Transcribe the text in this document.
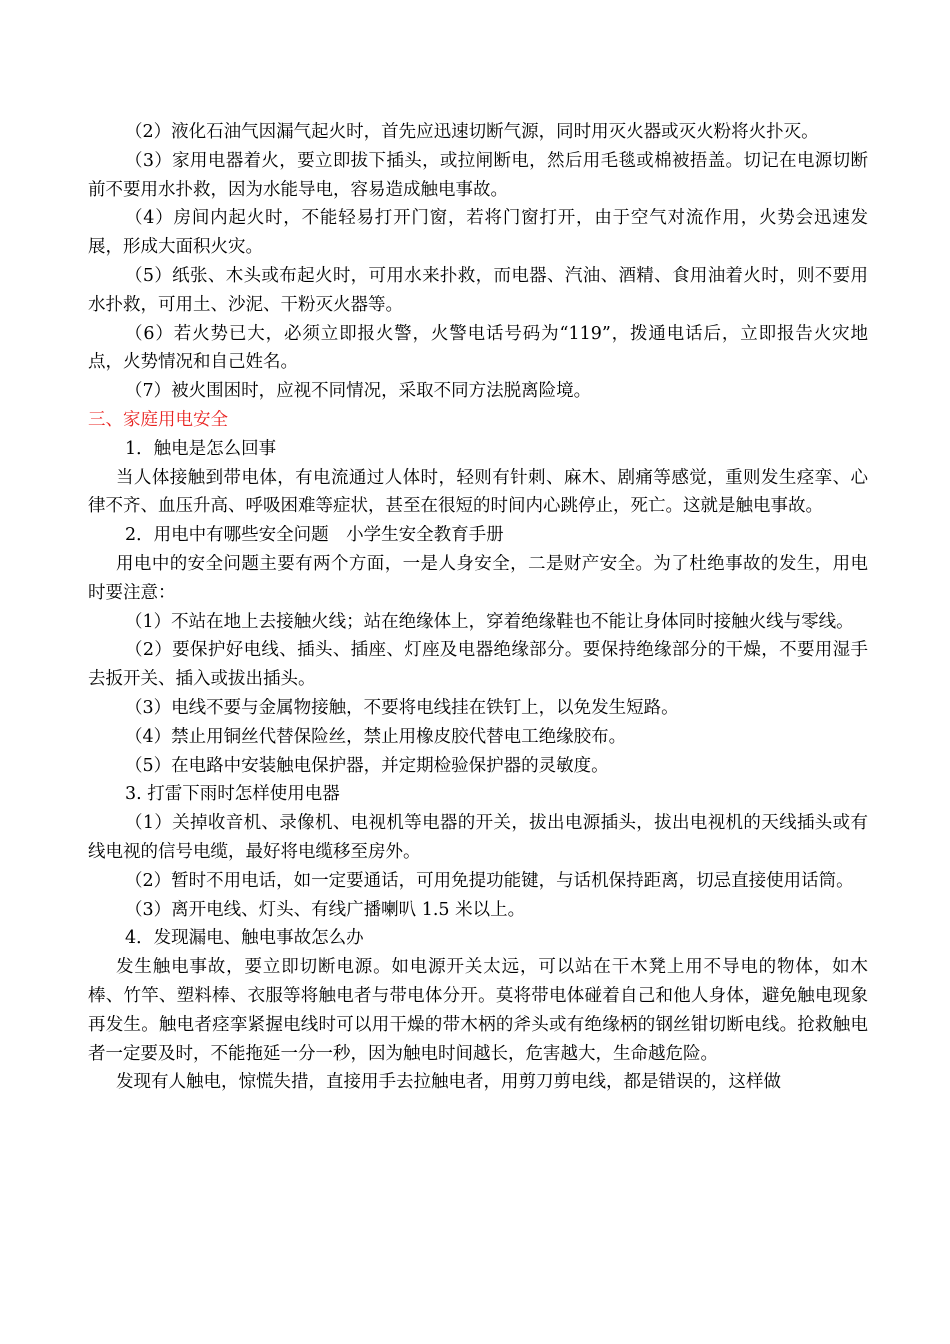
（2）液化石油气因漏气起火时，首先应迅速切断气源，同时用灭火器或灭火粉将火扑灭。

（3）家用电器着火，要立即拔下插头，或拉闸断电，然后用毛毯或棉被捂盖。切记在电源切断前不要用水扑救，因为水能导电，容易造成触电事故。

（4）房间内起火时，不能轻易打开门窗，若将门窗打开，由于空气对流作用，火势会迅速发展，形成大面积火灾。

（5）纸张、木头或布起火时，可用水来扑救，而电器、汽油、酒精、食用油着火时，则不要用水扑救，可用土、沙泥、干粉灭火器等。

（6）若火势已大，必须立即报火警，火警电话号码为“119”，拨通电话后，立即报告火灾地点，火势情况和自己姓名。

（7）被火围困时，应视不同情况，采取不同方法脱离险境。

三、家庭用电安全

1．触电是怎么回事

当人体接触到带电体，有电流通过人体时，轻则有针刺、麻木、剧痛等感觉，重则发生痉挛、心律不齐、血压升高、呼吸困难等症状，甚至在很短的时间内心跳停止，死亡。这就是触电事故。

2．用电中有哪些安全问题　小学生安全教育手册

用电中的安全问题主要有两个方面，一是人身安全，二是财产安全。为了杜绝事故的发生，用电时要注意：

（1）不站在地上去接触火线；站在绝缘体上，穿着绝缘鞋也不能让身体同时接触火线与零线。

（2）要保护好电线、插头、插座、灯座及电器绝缘部分。要保持绝缘部分的干燥，不要用湿手去扳开关、插入或拔出插头。

（3）电线不要与金属物接触，不要将电线挂在铁钉上，以免发生短路。

（4）禁止用铜丝代替保险丝，禁止用橡皮胶代替电工绝缘胶布。

（5）在电路中安装触电保护器，并定期检验保护器的灵敏度。

3. 打雷下雨时怎样使用电器

（1）关掉收音机、录像机、电视机等电器的开关，拔出电源插头，拔出电视机的天线插头或有线电视的信号电缆，最好将电缆移至房外。

（2）暂时不用电话，如一定要通话，可用免提功能键，与话机保持距离，切忌直接使用话筒。

（3）离开电线、灯头、有线广播喇叭 1.5 米以上。

4．发现漏电、触电事故怎么办

发生触电事故，要立即切断电源。如电源开关太远，可以站在干木凳上用不导电的物体，如木棒、竹竿、塑料棒、衣服等将触电者与带电体分开。莫将带电体碰着自己和他人身体，避免触电现象再发生。触电者痉挛紧握电线时可以用干燥的带木柄的斧头或有绝缘柄的钢丝钳切断电线。抢救触电者一定要及时，不能拖延一分一秒，因为触电时间越长，危害越大，生命越危险。

发现有人触电，惊慌失措，直接用手去拉触电者，用剪刀剪电线，都是错误的，这样做
